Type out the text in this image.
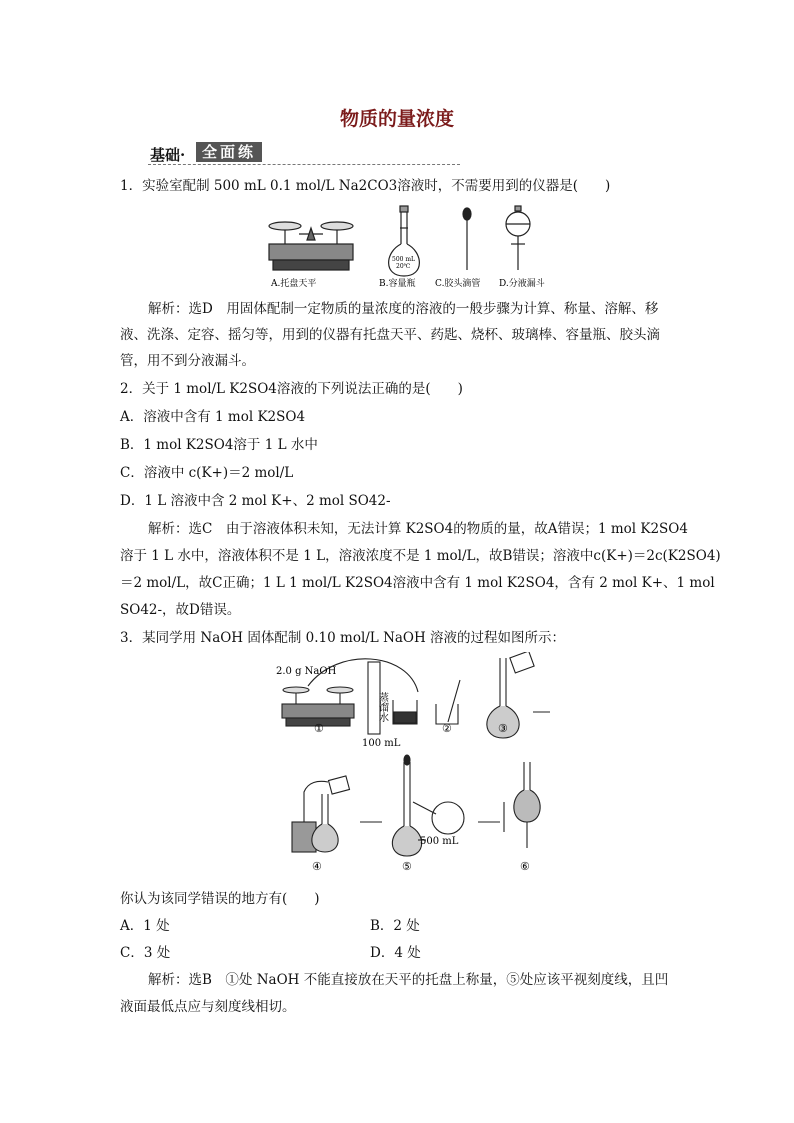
物质的量浓度
基础·	全面练
1．实验室配制 500 mL 0.1 mol/L Na2CO3溶液时，不需要用到的仪器是(　　)
A.托盘天平
500 mL
20℃
B.容量瓶 C.胶头滴管 D.分液漏斗
解析：选D　用固体配制一定物质的量浓度的溶液的一般步骤为计算、称量、溶解、移
液、洗涤、定容、摇匀等，用到的仪器有托盘天平、药匙、烧杯、玻璃棒、容量瓶、胶头滴
管，用不到分液漏斗。
2．关于 1 mol/L K2SO4溶液的下列说法正确的是(　　)
A．溶液中含有 1 mol K2SO4
B．1 mol K2SO4溶于 1 L 水中
C．溶液中 c(K+)＝2 mol/L
D．1 L 溶液中含 2 mol K+、2 mol SO42-
解析：选C　由于溶液体积未知，无法计算 K2SO4的物质的量，故A错误；1 mol K2SO4
溶于 1 L 水中，溶液体积不是 1 L，溶液浓度不是 1 mol/L，故B错误；溶液中c(K+)＝2c(K2SO4)
＝2 mol/L，故C正确；1 L 1 mol/L K2SO4溶液中含有 1 mol K2SO4，含有 2 mol K+、1 mol
SO42-，故D错误。
3．某同学用 NaOH 固体配制 0.10 mol/L NaOH 溶液的过程如图所示：
2.0 g NaOH
蒸馏水
100 mL
500 mL
①	②	③
④	⑤	⑥
你认为该同学错误的地方有(　　)
A．1 处	B．2 处
C．3 处	D．4 处
解析：选B　①处 NaOH 不能直接放在天平的托盘上称量，⑤处应该平视刻度线，且凹
液面最低点应与刻度线相切。
